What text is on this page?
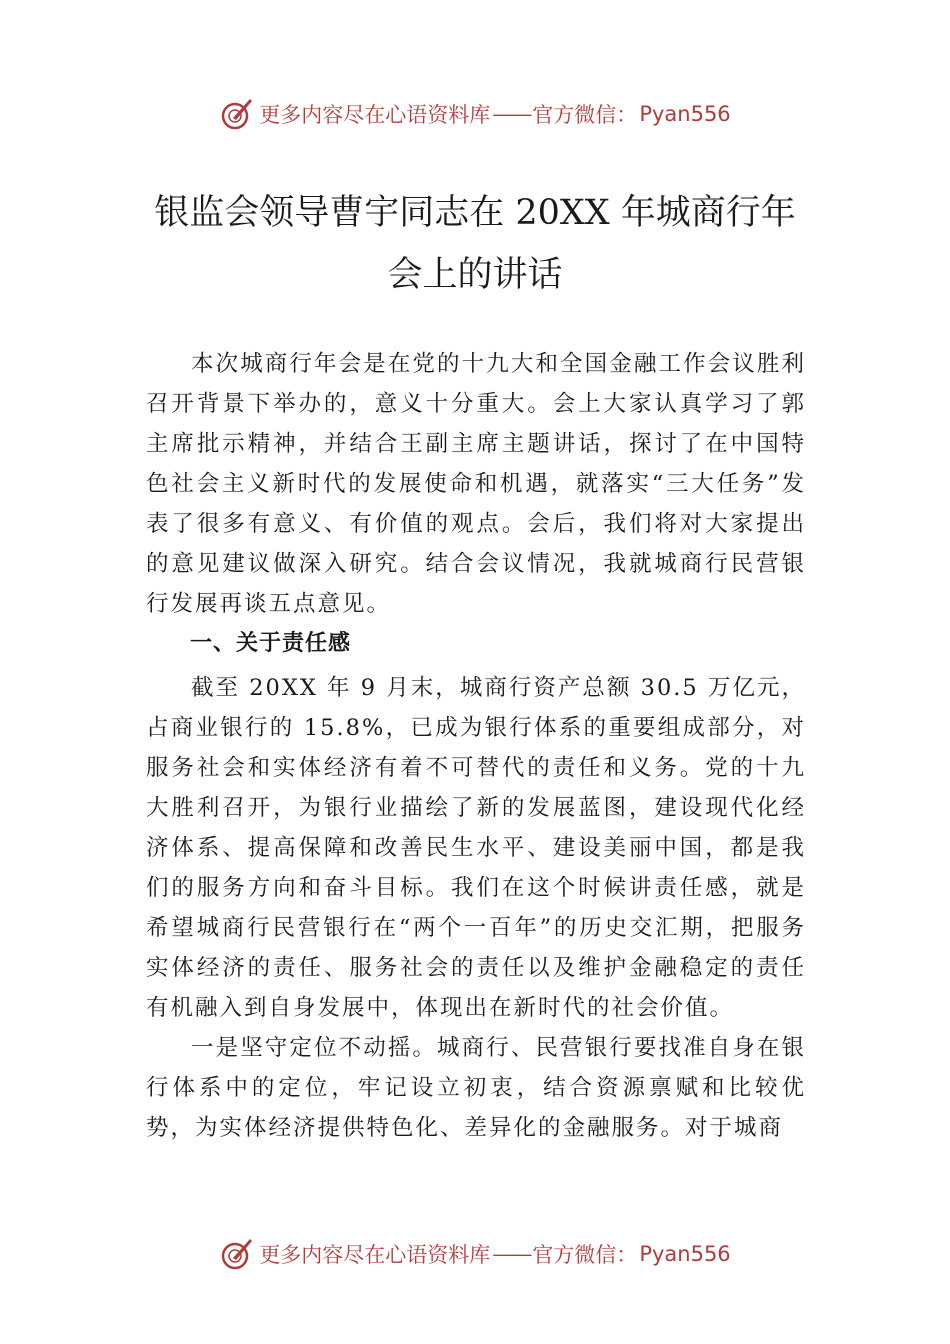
更多内容尽在心语资料库 —— 官方微信： Pyan556
银监会领导曹宇同志在 20XX 年城商行年
会上的讲话

本次城商行年会是在党的十九大和全国金融工作会议胜利召开背景下举办的，意义十分重大。会上大家认真学习了郭主席批示精神，并结合王副主席主题讲话，探讨了在中国特色社会主义新时代的发展使命和机遇，就落实“三大任务”发表了很多有意义、有价值的观点。会后，我们将对大家提出的意见建议做深入研究。结合会议情况，我就城商行民营银行发展再谈五点意见。

一、关于责任感

截至 20XX 年 9 月末，城商行资产总额 30.5 万亿元，占商业银行的 15.8%，已成为银行体系的重要组成部分，对服务社会和实体经济有着不可替代的责任和义务。党的十九大胜利召开，为银行业描绘了新的发展蓝图，建设现代化经济体系、提高保障和改善民生水平、建设美丽中国，都是我们的服务方向和奋斗目标。我们在这个时候讲责任感，就是希望城商行民营银行在“两个一百年”的历史交汇期，把服务实体经济的责任、服务社会的责任以及维护金融稳定的责任有机融入到自身发展中，体现出在新时代的社会价值。

一是坚守定位不动摇。城商行、民营银行要找准自身在银行体系中的定位，牢记设立初衷，结合资源禀赋和比较优势，为实体经济提供特色化、差异化的金融服务。对于城商

更多内容尽在心语资料库 —— 官方微信： Pyan556
